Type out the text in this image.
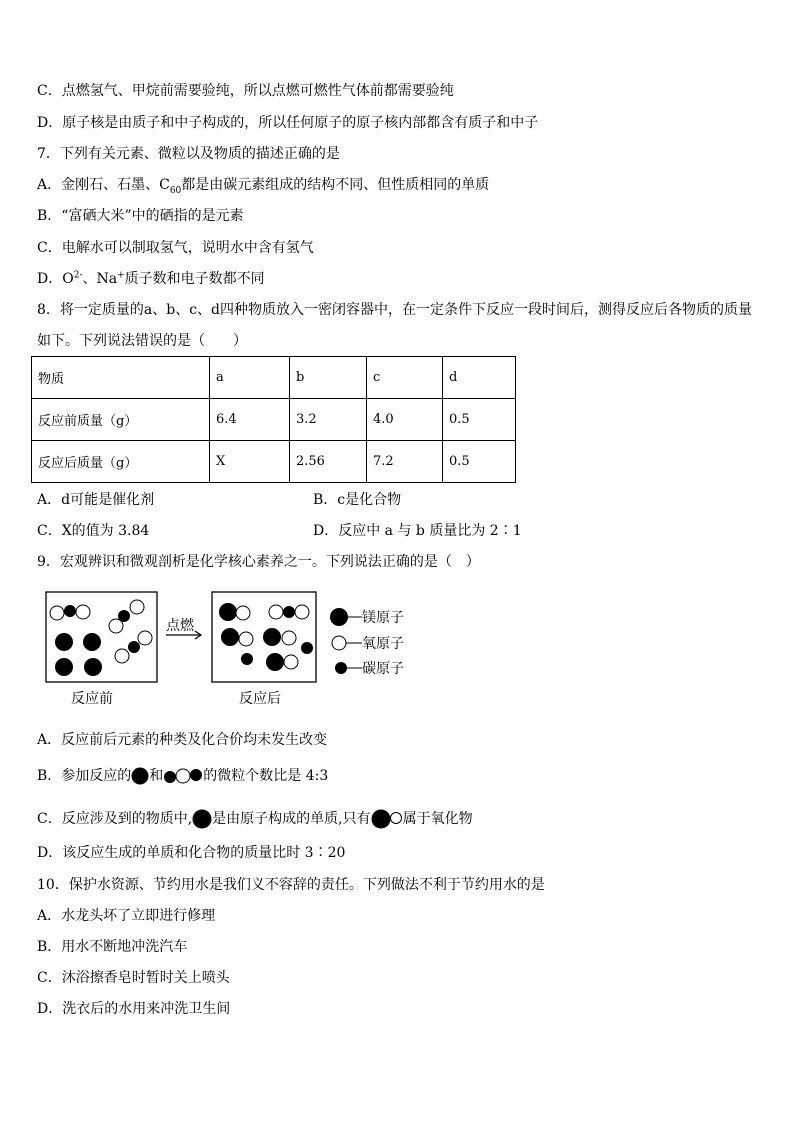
C．点燃氢气、甲烷前需要验纯，所以点燃可燃性气体前都需要验纯
D．原子核是由质子和中子构成的，所以任何原子的原子核内部都含有质子和中子
7．下列有关元素、微粒以及物质的描述正确的是
A．金刚石、石墨、$C_{60}$都是由碳元素组成的结构不同、但性质相同的单质
B．“富硒大米”中的硒指的是元素
C．电解水可以制取氢气，说明水中含有氢气
D．$O^{2-}$、Na+质子数和电子数都不同
8．将一定质量的a、b、c、d四种物质放入一密闭容器中，在一定条件下反应一段时间后，测得反应后各物质的质量
如下。下列说法错误的是（　　）
物质	a	b	c	d
反应前质量（g）	6.4	3.2	4.0	0.5
反应后质量（g）	X	2.56	7.2	0.5
A．d可能是催化剂	B．c是化合物
C．X的值为 3.84	D．反应中 a 与 b 质量比为 2∶1
9．宏观辨识和微观剖析是化学核心素养之一。下列说法正确的是（　）
点燃	镁原子
氧原子
碳原子
反应前	反应后
A．反应前后元素的种类及化合价均未发生改变
B．参加反应的 和	的微粒个数比是 4:3
C．反应涉及到的物质中, 是由原子构成的单质,只有 属于氧化物
D．该反应生成的单质和化合物的质量比时 3∶20
10．保护水资源、节约用水是我们义不容辞的责任。下列做法不利于节约用水的是
A．水龙头坏了立即进行修理
B．用水不断地冲洗汽车
C．沐浴擦香皂时暂时关上喷头
D．洗衣后的水用来冲洗卫生间
